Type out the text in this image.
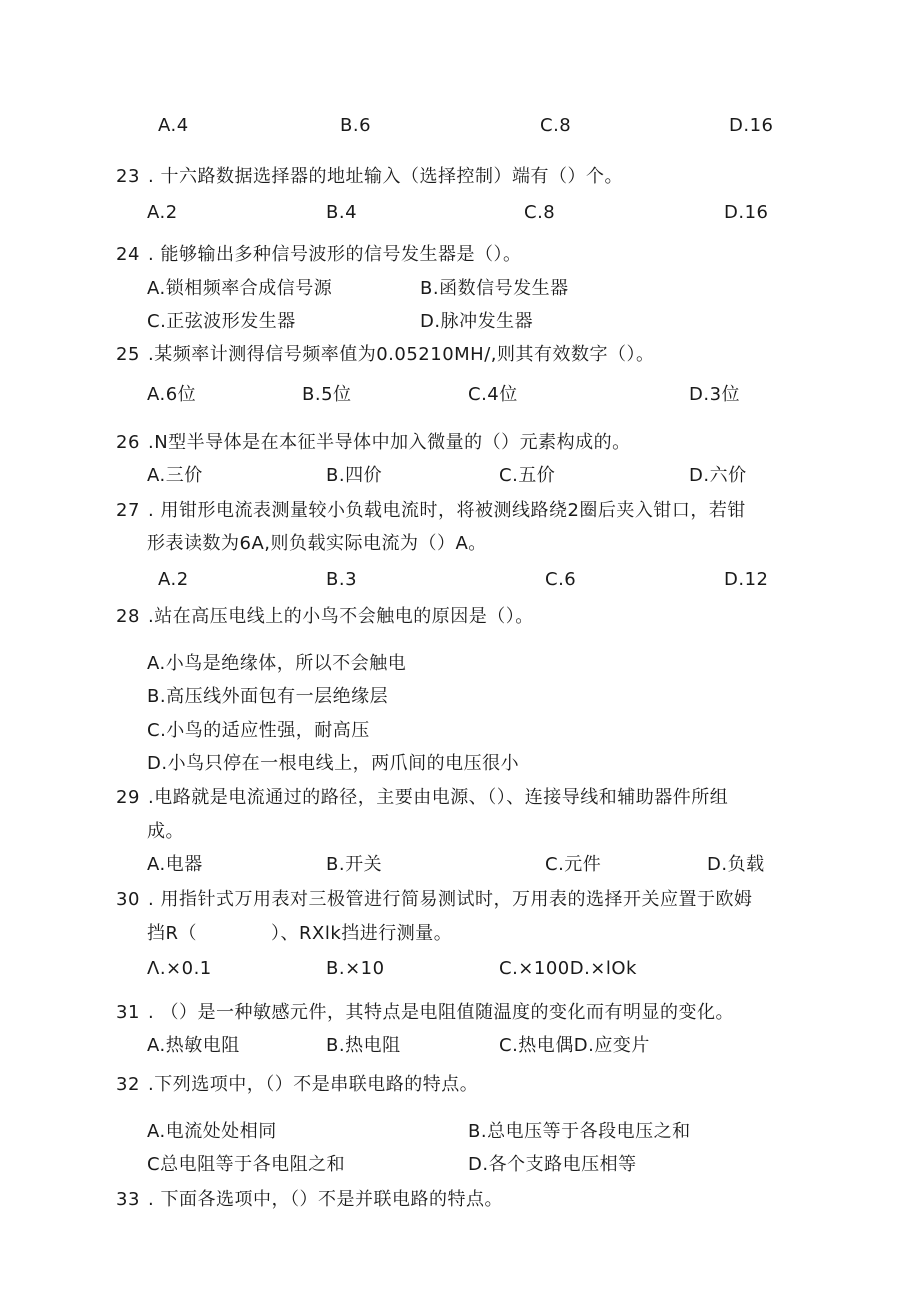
A.4	B.6	C.8	D.16
23 . 十六路数据选择器的地址输入（选择控制）端有（）个。
A.2	B.4	C.8	D.16
24 . 能够输出多种信号波形的信号发生器是（）。
A.锁相频率合成信号源	B.函数信号发生器
C.正弦波形发生器	D.脉冲发生器
25 .某频率计测得信号频率值为0.05210MH/,则其有效数字（）。
A.6位	B.5位	C.4位	D.3位
26 .N型半导体是在本征半导体中加入微量的（）元素构成的。
A.三价	B.四价	C.五价	D.六价
27 . 用钳形电流表测量较小负载电流时，将被测线路绕2圈后夹入钳口，若钳
形表读数为6A,则负载实际电流为（）A。
A.2	B.3	C.6	D.12
28 .站在高压电线上的小鸟不会触电的原因是（）。
A.小鸟是绝缘体，所以不会触电
B.高压线外面包有一层绝缘层
C.小鸟的适应性强，耐高压
D.小鸟只停在一根电线上，两爪间的电压很小
29 .电路就是电流通过的路径，主要由电源、（）、连接导线和辅助器件所组
成。
A.电器	B.开关	C.元件	D.负载
30 . 用指针式万用表对三极管进行简易测试时，万用表的选择开关应置于欧姆
挡R（　　　　）、RXlk挡进行测量。
Λ.×0.1	B.×10	C.×100D.×lOk
31 . （）是一种敏感元件，其特点是电阻值随温度的变化而有明显的变化。
A.热敏电阻	B.热电阻	C.热电偶D.应变片
32 .下列选项中，（）不是串联电路的特点。
A.电流处处相同	B.总电压等于各段电压之和
C总电阻等于各电阻之和	D.各个支路电压相等
33 . 下面各选项中，（）不是并联电路的特点。
